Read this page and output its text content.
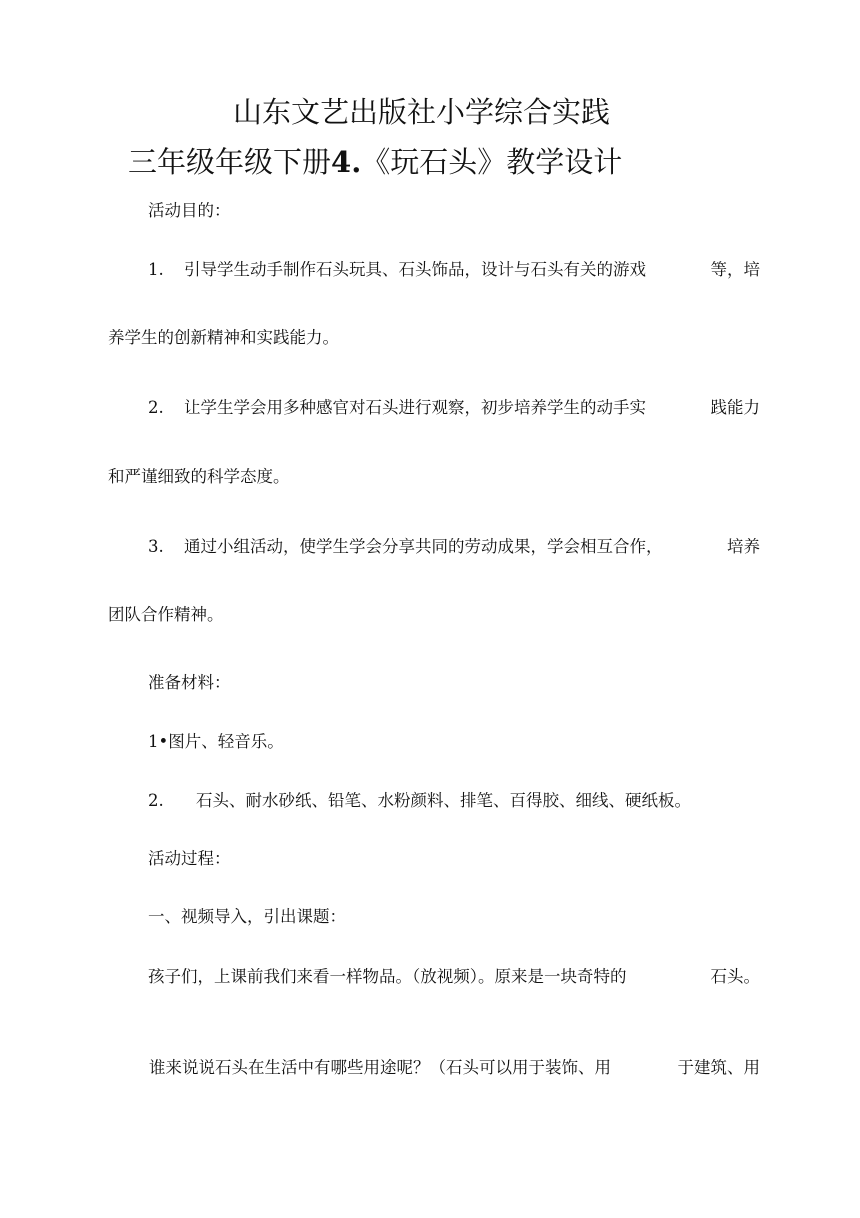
山东文艺出版社小学综合实践
三年级年级下册4.《玩石头》教学设计
活动目的：
1. 引导学生动手制作石头玩具、石头饰品，设计与石头有关的游戏	等，培
养学生的创新精神和实践能力。
2. 让学生学会用多种感官对石头进行观察，初步培养学生的动手实	践能力
和严谨细致的科学态度。
3. 通过小组活动，使学生学会分享共同的劳动成果，学会相互合作，	培养
团队合作精神。
准备材料：
1•图片、轻音乐。
2. 石头、耐水砂纸、铅笔、水粉颜料、排笔、百得胶、细线、硬纸板。
活动过程：
一、视频导入，引出课题：
孩子们，上课前我们来看一样物品。（放视频）。原来是一块奇特的	石头。
谁来说说石头在生活中有哪些用途呢？（石头可以用于装饰、用	于建筑、用
